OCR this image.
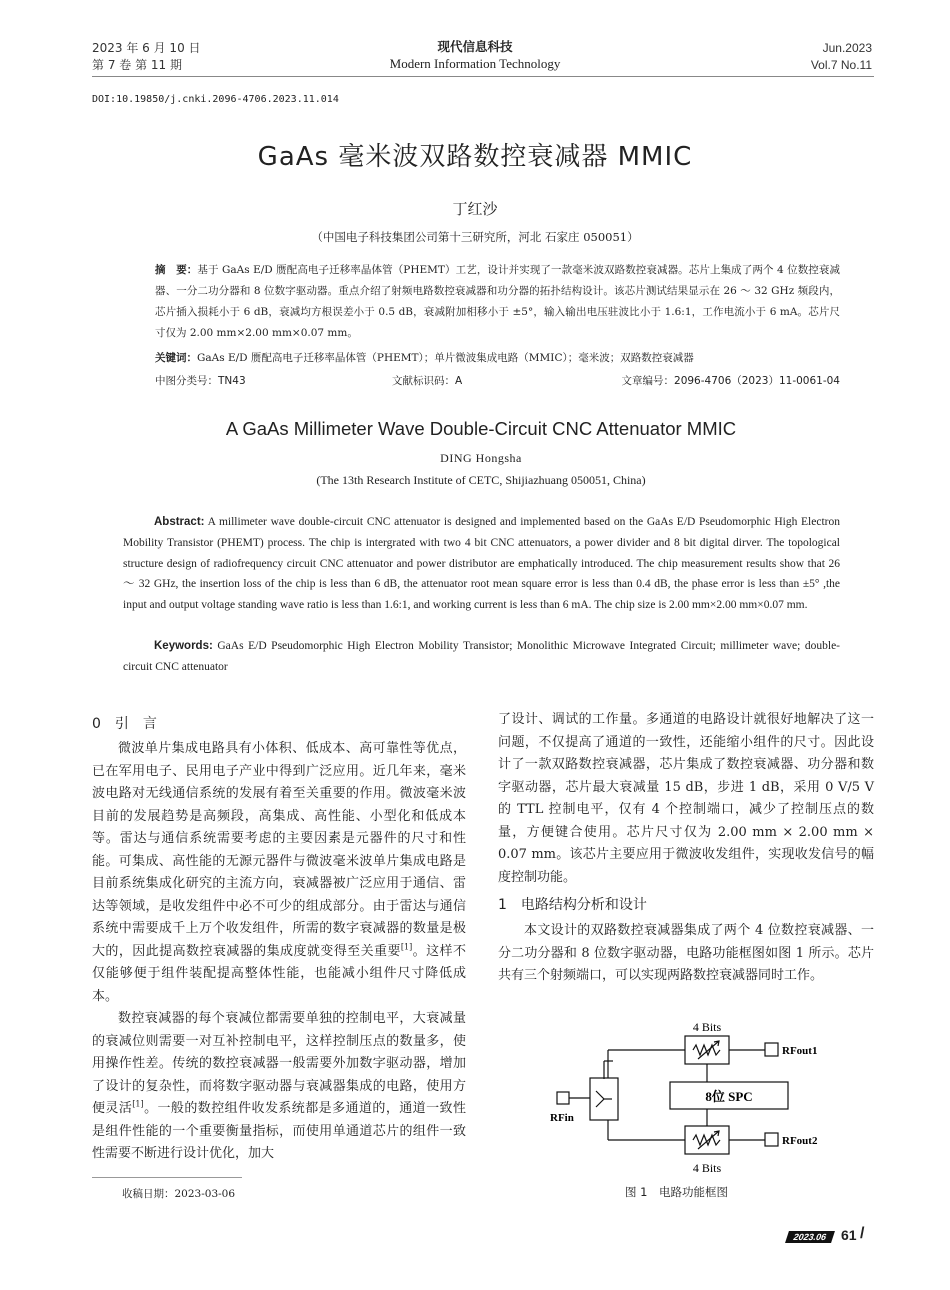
2023 年 6 月 10 日
第 7 卷 第 11 期
现代信息科技
Modern Information Technology
Jun.2023
Vol.7 No.11
DOI:10.19850/j.cnki.2096-4706.2023.11.014
GaAs 毫米波双路数控衰减器 MMIC
丁红沙
（中国电子科技集团公司第十三研究所，河北 石家庄 050051）
摘　要：基于 GaAs E/D 赝配高电子迁移率晶体管（PHEMT）工艺，设计并实现了一款毫米波双路数控衰减器。芯片上集成了两个 4 位数控衰减器、一分二功分器和 8 位数字驱动器。重点介绍了射频电路数控衰减器和功分器的拓扑结构设计。该芯片测试结果显示在 26 ～ 32 GHz 频段内，芯片插入损耗小于 6 dB，衰减均方根误差小于 0.5 dB，衰减附加相移小于 ±5°，输入输出电压驻波比小于 1.6:1，工作电流小于 6 mA。芯片尺寸仅为 2.00 mm×2.00 mm×0.07 mm。
关键词：GaAs E/D 赝配高电子迁移率晶体管（PHEMT）；单片微波集成电路（MMIC）；毫米波；双路数控衰减器
中图分类号：TN43	文献标识码：A	文章编号：2096-4706（2023）11-0061-04
A GaAs Millimeter Wave Double-Circuit CNC Attenuator MMIC
DING Hongsha
(The 13th Research Institute of CETC, Shijiazhuang 050051, China)
Abstract: A millimeter wave double-circuit CNC attenuator is designed and implemented based on the GaAs E/D Pseudomorphic High Electron Mobility Transistor (PHEMT) process. The chip is intergrated with two 4 bit CNC attenuators, a power divider and 8 bit digital dirver. The topological structure design of radiofrequency circuit CNC attenuator and power distributor are emphatically introduced. The chip measurement results show that 26 ～ 32 GHz, the insertion loss of the chip is less than 6 dB, the attenuator root mean square error is less than 0.4 dB, the phase error is less than ±5° ,the input and output voltage standing wave ratio is less than 1.6:1, and working current is less than 6 mA. The chip size is 2.00 mm×2.00 mm×0.07 mm.
Keywords: GaAs E/D Pseudomorphic High Electron Mobility Transistor; Monolithic Microwave Integrated Circuit; millimeter wave; double-circuit CNC attenuator
0　引　言

微波单片集成电路具有小体积、低成本、高可靠性等优点，已在军用电子、民用电子产业中得到广泛应用。近几年来，毫米波电路对无线通信系统的发展有着至关重要的作用。微波毫米波目前的发展趋势是高频段，高集成、高性能、小型化和低成本等。雷达与通信系统需要考虑的主要因素是元器件的尺寸和性能。可集成、高性能的无源元器件与微波毫米波单片集成电路是目前系统集成化研究的主流方向，衰减器被广泛应用于通信、雷达等领域，是收发组件中必不可少的组成部分。由于雷达与通信系统中需要成千上万个收发组件，所需的数字衰减器的数量是极大的，因此提高数控衰减器的集成度就变得至关重要[1]。这样不仅能够便于组件装配提高整体性能，也能减小组件尺寸降低成本。

数控衰减器的每个衰减位都需要单独的控制电平，大衰减量的衰减位则需要一对互补控制电平，这样控制压点的数量多，使用操作性差。传统的数控衰减器一般需要外加数字驱动器，增加了设计的复杂性，而将数字驱动器与衰减器集成的电路，使用方便灵活[1]。一般的数控组件收发系统都是多通道的，通道一致性是组件性能的一个重要衡量指标，而使用单通道芯片的组件一致性需要不断进行设计优化，加大

了设计、调试的工作量。多通道的电路设计就很好地解决了这一问题，不仅提高了通道的一致性，还能缩小组件的尺寸。因此设计了一款双路数控衰减器，芯片集成了数控衰减器、功分器和数字驱动器，芯片最大衰减量 15 dB，步进 1 dB，采用 0 V/5 V 的 TTL 控制电平，仅有 4 个控制端口，减少了控制压点的数量，方便键合使用。芯片尺寸仅为 2.00 mm × 2.00 mm × 0.07 mm。该芯片主要应用于微波收发组件，实现收发信号的幅度控制功能。

1　电路结构分析和设计

本文设计的双路数控衰减器集成了两个 4 位数控衰减器、一分二功分器和 8 位数字驱动器，电路功能框图如图 1 所示。芯片共有三个射频端口，可以实现两路数控衰减器同时工作。

4 Bits
4 Bits
8位 SPC
RFin
RFout1
RFout2
图 1　电路功能框图
收稿日期：2023-03-06
2023.06 61 /
